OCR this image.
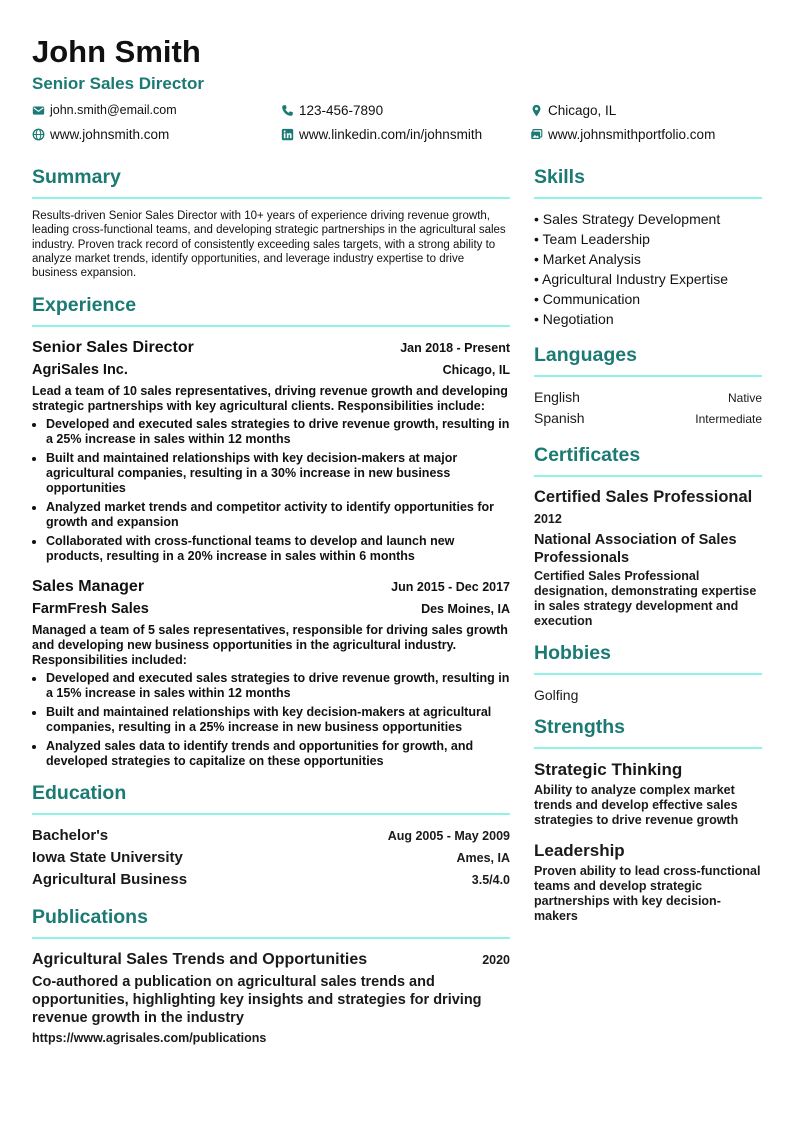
John Smith
Senior Sales Director
john.smith@email.com	123-456-7890	Chicago, IL
www.johnsmith.com	www.linkedin.com/in/johnsmith	www.johnsmithportfolio.com
Summary

Results-driven Senior Sales Director with 10+ years of experience driving revenue growth, leading cross-functional teams, and developing strategic partnerships in the agricultural sales industry. Proven track record of consistently exceeding sales targets, with a strong ability to analyze market trends, identify opportunities, and leverage industry expertise to drive business expansion.

Experience
Senior Sales Director	Jan 2018 - Present
AgriSales Inc.	Chicago, IL
Lead a team of 10 sales representatives, driving revenue growth and developing strategic partnerships with key agricultural clients. Responsibilities include:
• Developed and executed sales strategies to drive revenue growth, resulting in a 25% increase in sales within 12 months
• Built and maintained relationships with key decision-makers at major agricultural companies, resulting in a 30% increase in new business opportunities
• Analyzed market trends and competitor activity to identify opportunities for growth and expansion
• Collaborated with cross-functional teams to develop and launch new products, resulting in a 20% increase in sales within 6 months
Sales Manager	Jun 2015 - Dec 2017
FarmFresh Sales	Des Moines, IA
Managed a team of 5 sales representatives, responsible for driving sales growth and developing new business opportunities in the agricultural industry. Responsibilities included:
• Developed and executed sales strategies to drive revenue growth, resulting in a 15% increase in sales within 12 months
• Built and maintained relationships with key decision-makers at agricultural companies, resulting in a 25% increase in new business opportunities
• Analyzed sales data to identify trends and opportunities for growth, and developed strategies to capitalize on these opportunities
Education
Bachelor's	Aug 2005 - May 2009
Iowa State University	Ames, IA
Agricultural Business	3.5/4.0
Publications
Agricultural Sales Trends and Opportunities	2020
Co-authored a publication on agricultural sales trends and opportunities, highlighting key insights and strategies for driving revenue growth in the industry
https://www.agrisales.com/publications
Skills
• Sales Strategy Development
• Team Leadership
• Market Analysis
• Agricultural Industry Expertise
• Communication
• Negotiation
Languages
English	Native
Spanish	Intermediate
Certificates
Certified Sales Professional
2012
National Association of Sales Professionals
Certified Sales Professional designation, demonstrating expertise in sales strategy development and execution
Hobbies
Golfing
Strengths
Strategic Thinking
Ability to analyze complex market trends and develop effective sales strategies to drive revenue growth
Leadership
Proven ability to lead cross-functional teams and develop strategic partnerships with key decision-makers
